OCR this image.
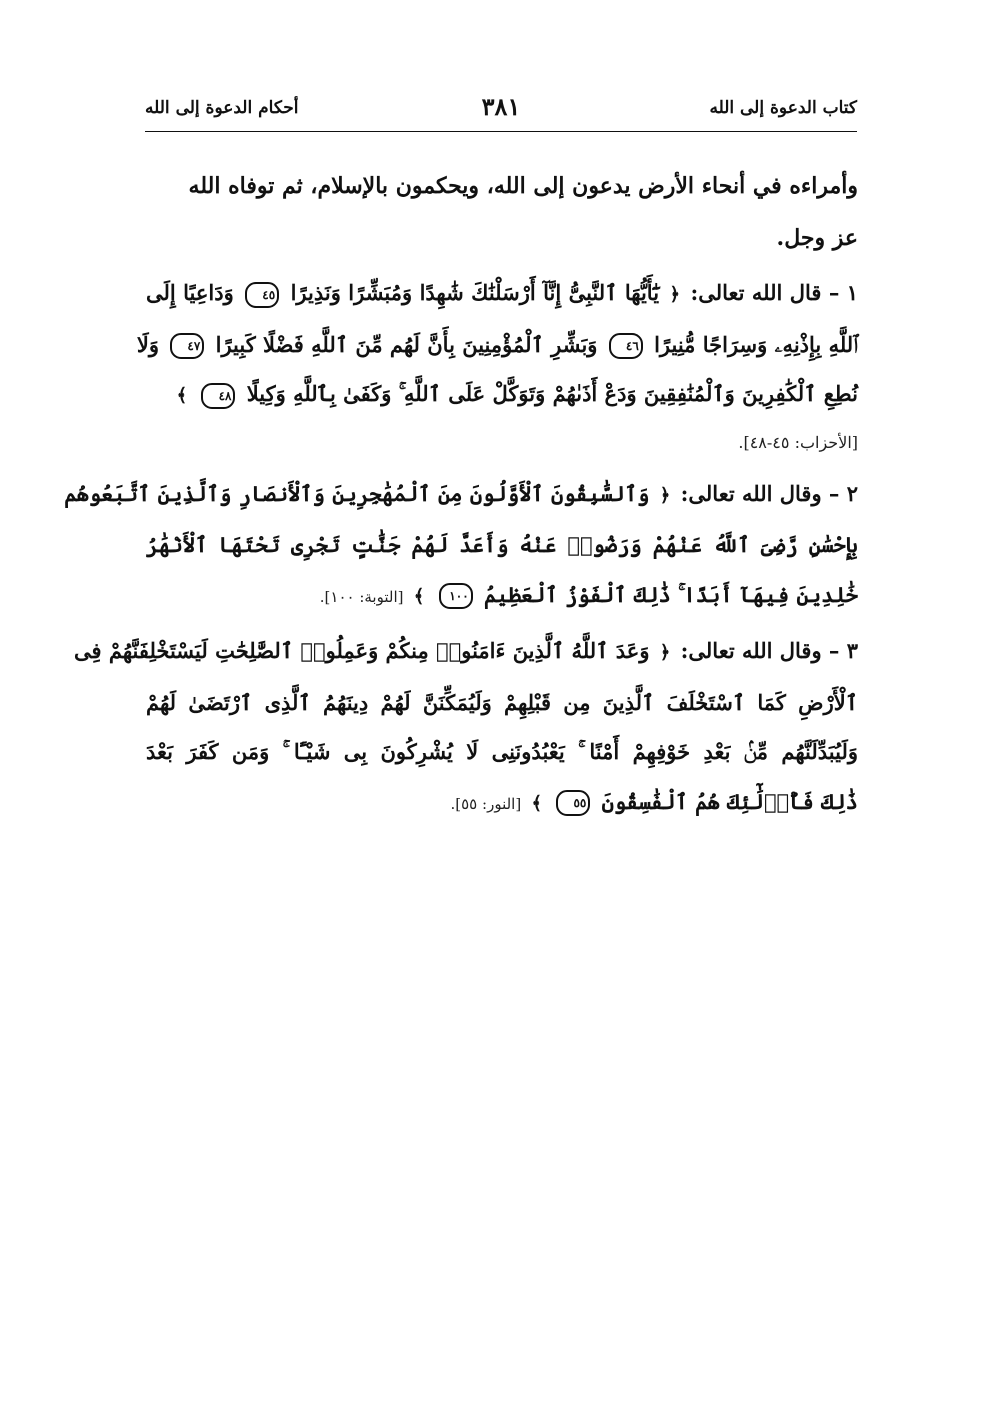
كتاب الدعوة إلى الله
٣٨١
أحكام الدعوة إلى الله
وأمراءه في أنحاء الأرض يدعون إلى الله، ويحكمون بالإسلام، ثم توفاه الله
عز وجل.
١ – قال الله تعالى: ﴿ يَٰٓأَيُّهَا ٱلنَّبِىُّ إِنَّآ أَرْسَلْنَٰكَ شَٰهِدًا وَمُبَشِّرًا وَنَذِيرًا ٤٥ وَدَاعِيًا إِلَى
ٱللَّهِ بِإِذْنِهِۦ وَسِرَاجًا مُّنِيرًا ٤٦ وَبَشِّرِ ٱلْمُؤْمِنِينَ بِأَنَّ لَهُم مِّنَ ٱللَّهِ فَضْلًا كَبِيرًا ٤٧ وَلَا
نُطِعِ ٱلْكَٰفِرِينَ وَٱلْمُنَٰفِقِينَ وَدَعْ أَذَىٰهُمْ وَتَوَكَّلْ عَلَى ٱللَّهِ ۚ وَكَفَىٰ بِٱللَّهِ وَكِيلًا ٤٨ ﴾
[الأحزاب: ٤٥-٤٨].
٢ – وقال الله تعالى: ﴿ وَٱلسَّٰبِقُونَ ٱلْأَوَّلُونَ مِنَ ٱلْمُهَٰجِرِينَ وَٱلْأَنصَارِ وَٱلَّذِينَ ٱتَّبَعُوهُم
بِإِحْسَٰنٍ رَّضِىَ ٱللَّهُ عَنْهُمْ وَرَضُوا۟ عَنْهُ وَأَعَدَّ لَهُمْ جَنَّٰتٍ تَجْرِى تَحْتَهَا ٱلْأَنْهَٰرُ
خَٰلِدِينَ فِيهَآ أَبَدًا ۚ ذَٰلِكَ ٱلْفَوْزُ ٱلْعَظِيمُ ١٠٠ ﴾ [التوبة: ١٠٠].
٣ – وقال الله تعالى: ﴿ وَعَدَ ٱللَّهُ ٱلَّذِينَ ءَامَنُوا۟ مِنكُمْ وَعَمِلُوا۟ ٱلصَّٰلِحَٰتِ لَيَسْتَخْلِفَنَّهُمْ فِى
ٱلْأَرْضِ كَمَا ٱسْتَخْلَفَ ٱلَّذِينَ مِن قَبْلِهِمْ وَلَيُمَكِّنَنَّ لَهُمْ دِينَهُمُ ٱلَّذِى ٱرْتَضَىٰ لَهُمْ
وَلَيُبَدِّلَنَّهُم مِّنۢ بَعْدِ خَوْفِهِمْ أَمْنًا ۚ يَعْبُدُونَنِى لَا يُشْرِكُونَ بِى شَيْـًٔا ۚ وَمَن كَفَرَ بَعْدَ
ذَٰلِكَ فَأُو۟لَٰٓئِكَ هُمُ ٱلْفَٰسِقُونَ ٥٥ ﴾ [النور: ٥٥].
